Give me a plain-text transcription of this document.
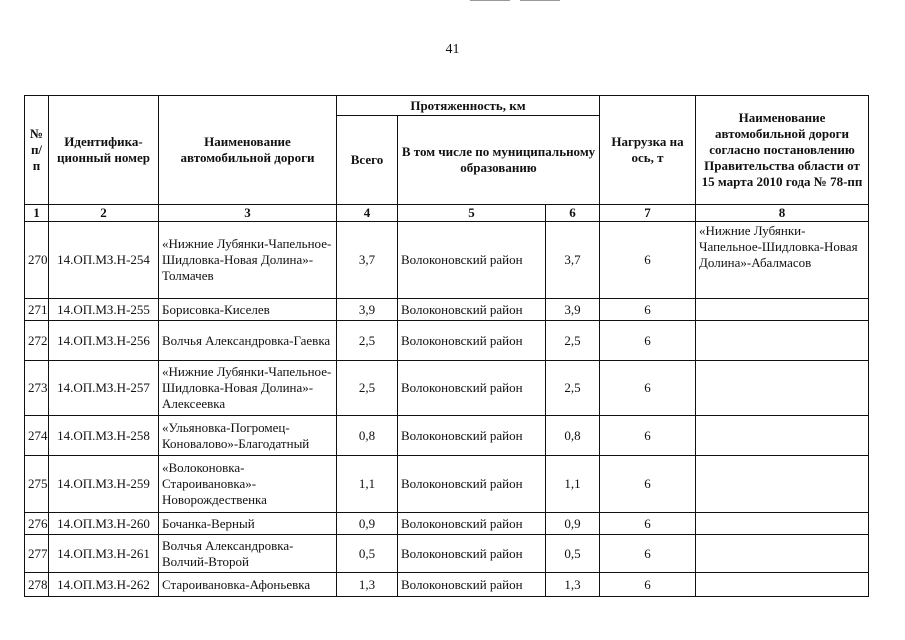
41
№ п/п	Идентифика-ционный номер	Наименование автомобильной дороги	Протяженность, км			Нагрузка на ось, т	Наименование автомобильной дороги согласно постановлению Правительства области от 15 марта 2010 года № 78-пп
			Всего	В том числе по муниципальному образованию			
1	2	3	4	5	6	7	8
270	14.ОП.МЗ.Н-254	«Нижние Лубянки-Чапельное-Шидловка-Новая Долина»-Толмачев	3,7	Волоконовский район	3,7	6	«Нижние Лубянки-Чапельное-Шидловка-Новая Долина»-Абалмасов
271	14.ОП.МЗ.Н-255	Борисовка-Киселев	3,9	Волоконовский район	3,9	6	
272	14.ОП.МЗ.Н-256	Волчья Александровка-Гаевка	2,5	Волоконовский район	2,5	6	
273	14.ОП.МЗ.Н-257	«Нижние Лубянки-Чапельное-Шидловка-Новая Долина»-Алексеевка	2,5	Волоконовский район	2,5	6	
274	14.ОП.МЗ.Н-258	«Ульяновка-Погромец-Коновалово»-Благодатный	0,8	Волоконовский район	0,8	6	
275	14.ОП.МЗ.Н-259	«Волоконовка-Староивановка»-Новорождественка	1,1	Волоконовский район	1,1	6	
276	14.ОП.МЗ.Н-260	Бочанка-Верный	0,9	Волоконовский район	0,9	6	
277	14.ОП.МЗ.Н-261	Волчья Александровка-Волчий-Второй	0,5	Волоконовский район	0,5	6	
278	14.ОП.МЗ.Н-262	Староивановка-Афоньевка	1,3	Волоконовский район	1,3	6	
